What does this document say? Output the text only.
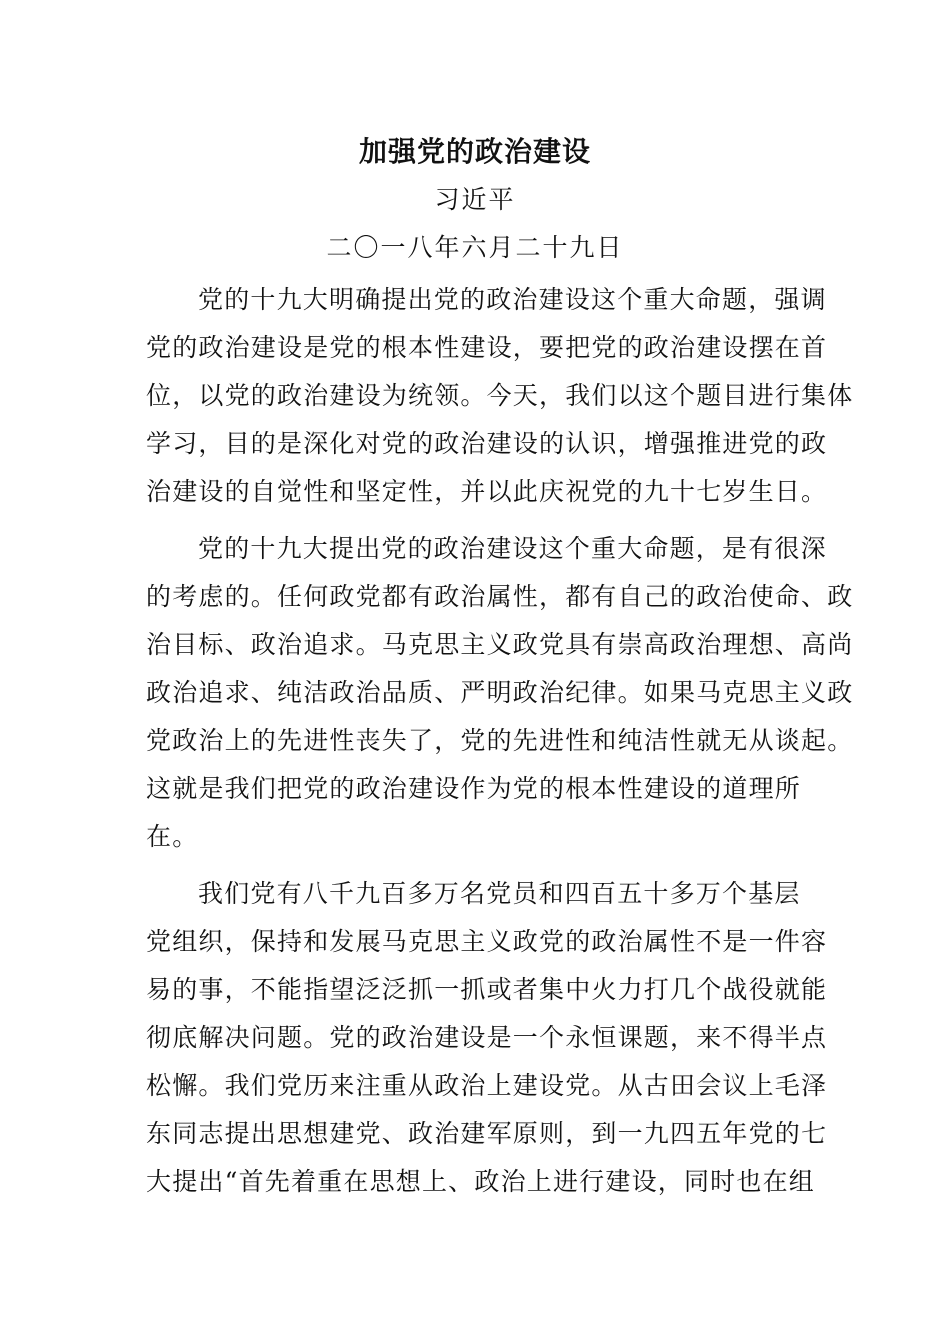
加强党的政治建设
习近平
二〇一八年六月二十九日
党的十九大明确提出党的政治建设这个重大命题，强调
党的政治建设是党的根本性建设，要把党的政治建设摆在首
位，以党的政治建设为统领。今天，我们以这个题目进行集体
学习，目的是深化对党的政治建设的认识，增强推进党的政
治建设的自觉性和坚定性，并以此庆祝党的九十七岁生日。
党的十九大提出党的政治建设这个重大命题，是有很深
的考虑的。任何政党都有政治属性，都有自己的政治使命、政
治目标、政治追求。马克思主义政党具有崇高政治理想、高尚
政治追求、纯洁政治品质、严明政治纪律。如果马克思主义政
党政治上的先进性丧失了，党的先进性和纯洁性就无从谈起。
这就是我们把党的政治建设作为党的根本性建设的道理所
在。
我们党有八千九百多万名党员和四百五十多万个基层
党组织，保持和发展马克思主义政党的政治属性不是一件容
易的事，不能指望泛泛抓一抓或者集中火力打几个战役就能
彻底解决问题。党的政治建设是一个永恒课题，来不得半点
松懈。我们党历来注重从政治上建设党。从古田会议上毛泽
东同志提出思想建党、政治建军原则，到一九四五年党的七
大提出“首先着重在思想上、政治上进行建设，同时也在组
